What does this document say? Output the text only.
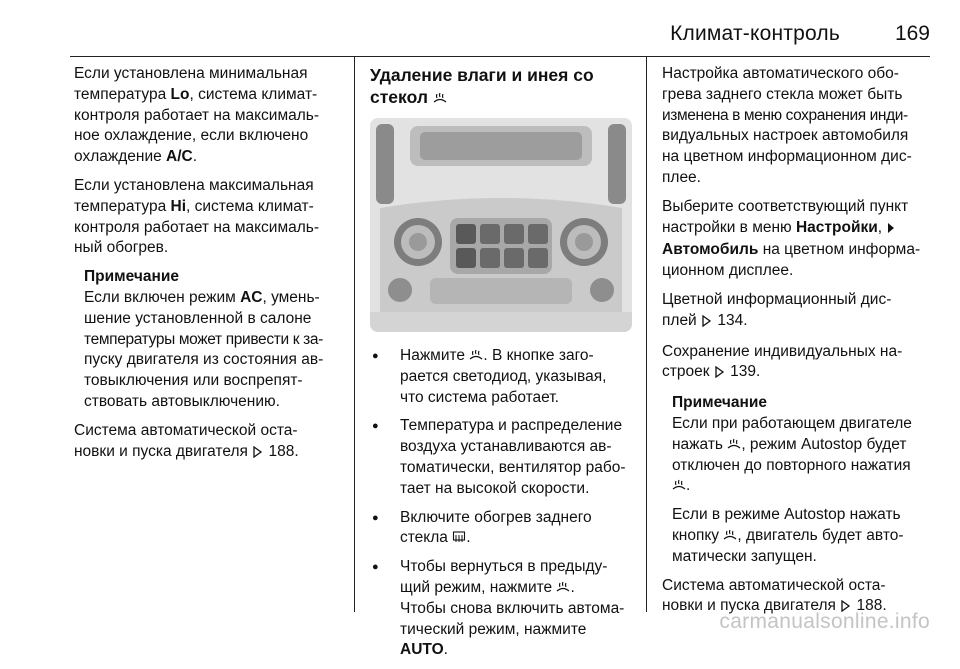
Климат-контроль	169

Если установлена минимальная
температура Lo, система климат-
контроля работает на максималь-
ное охлаждение, если включено
охлаждение A/C.

Если установлена максимальная
температура Hi, система климат-
контроля работает на максималь-
ный обогрев.

Примечание
Если включен режим AC, умень-
шение установленной в салоне
температуры может привести к за-
пуску двигателя из состояния ав-
товыключения или воспрепят-
ствовать автовыключению.

Система автоматической оста-
новки и пуска двигателя  188.

Удаление влаги и инея со
стекол
● Нажмите
. В кнопке заго-
рается светодиод, указывая,
что система работает.
● Температура и распределение
воздуха устанавливаются ав-
томатически, вентилятор рабо-
тает на высокой скорости.
● Включите обогрев заднего
стекла
.
● Чтобы вернуться в предыду-
щий режим, нажмите
.
Чтобы снова включить автома-
тический режим, нажмите
AUTO.

Настройка автоматического обо-
грева заднего стекла может быть
изменена в меню сохранения инди-
видуальных настроек автомобиля
на цветном информационном дис-
плее.

Выберите соответствующий пункт
настройки в меню Настройки,
Автомобиль на цветном информа-
ционном дисплее.

Цветной информационный дис-
плей  134.

Сохранение индивидуальных на-
строек  139.

Примечание

Если при работающем двигателе
нажать
, режим Autostop будет
отключен до повторного нажатия

.

Если в режиме Autostop нажать
кнопку
, двигатель будет авто-
матически запущен.

Система автоматической оста-
новки и пуска двигателя  188.

carmanualsonline.info
